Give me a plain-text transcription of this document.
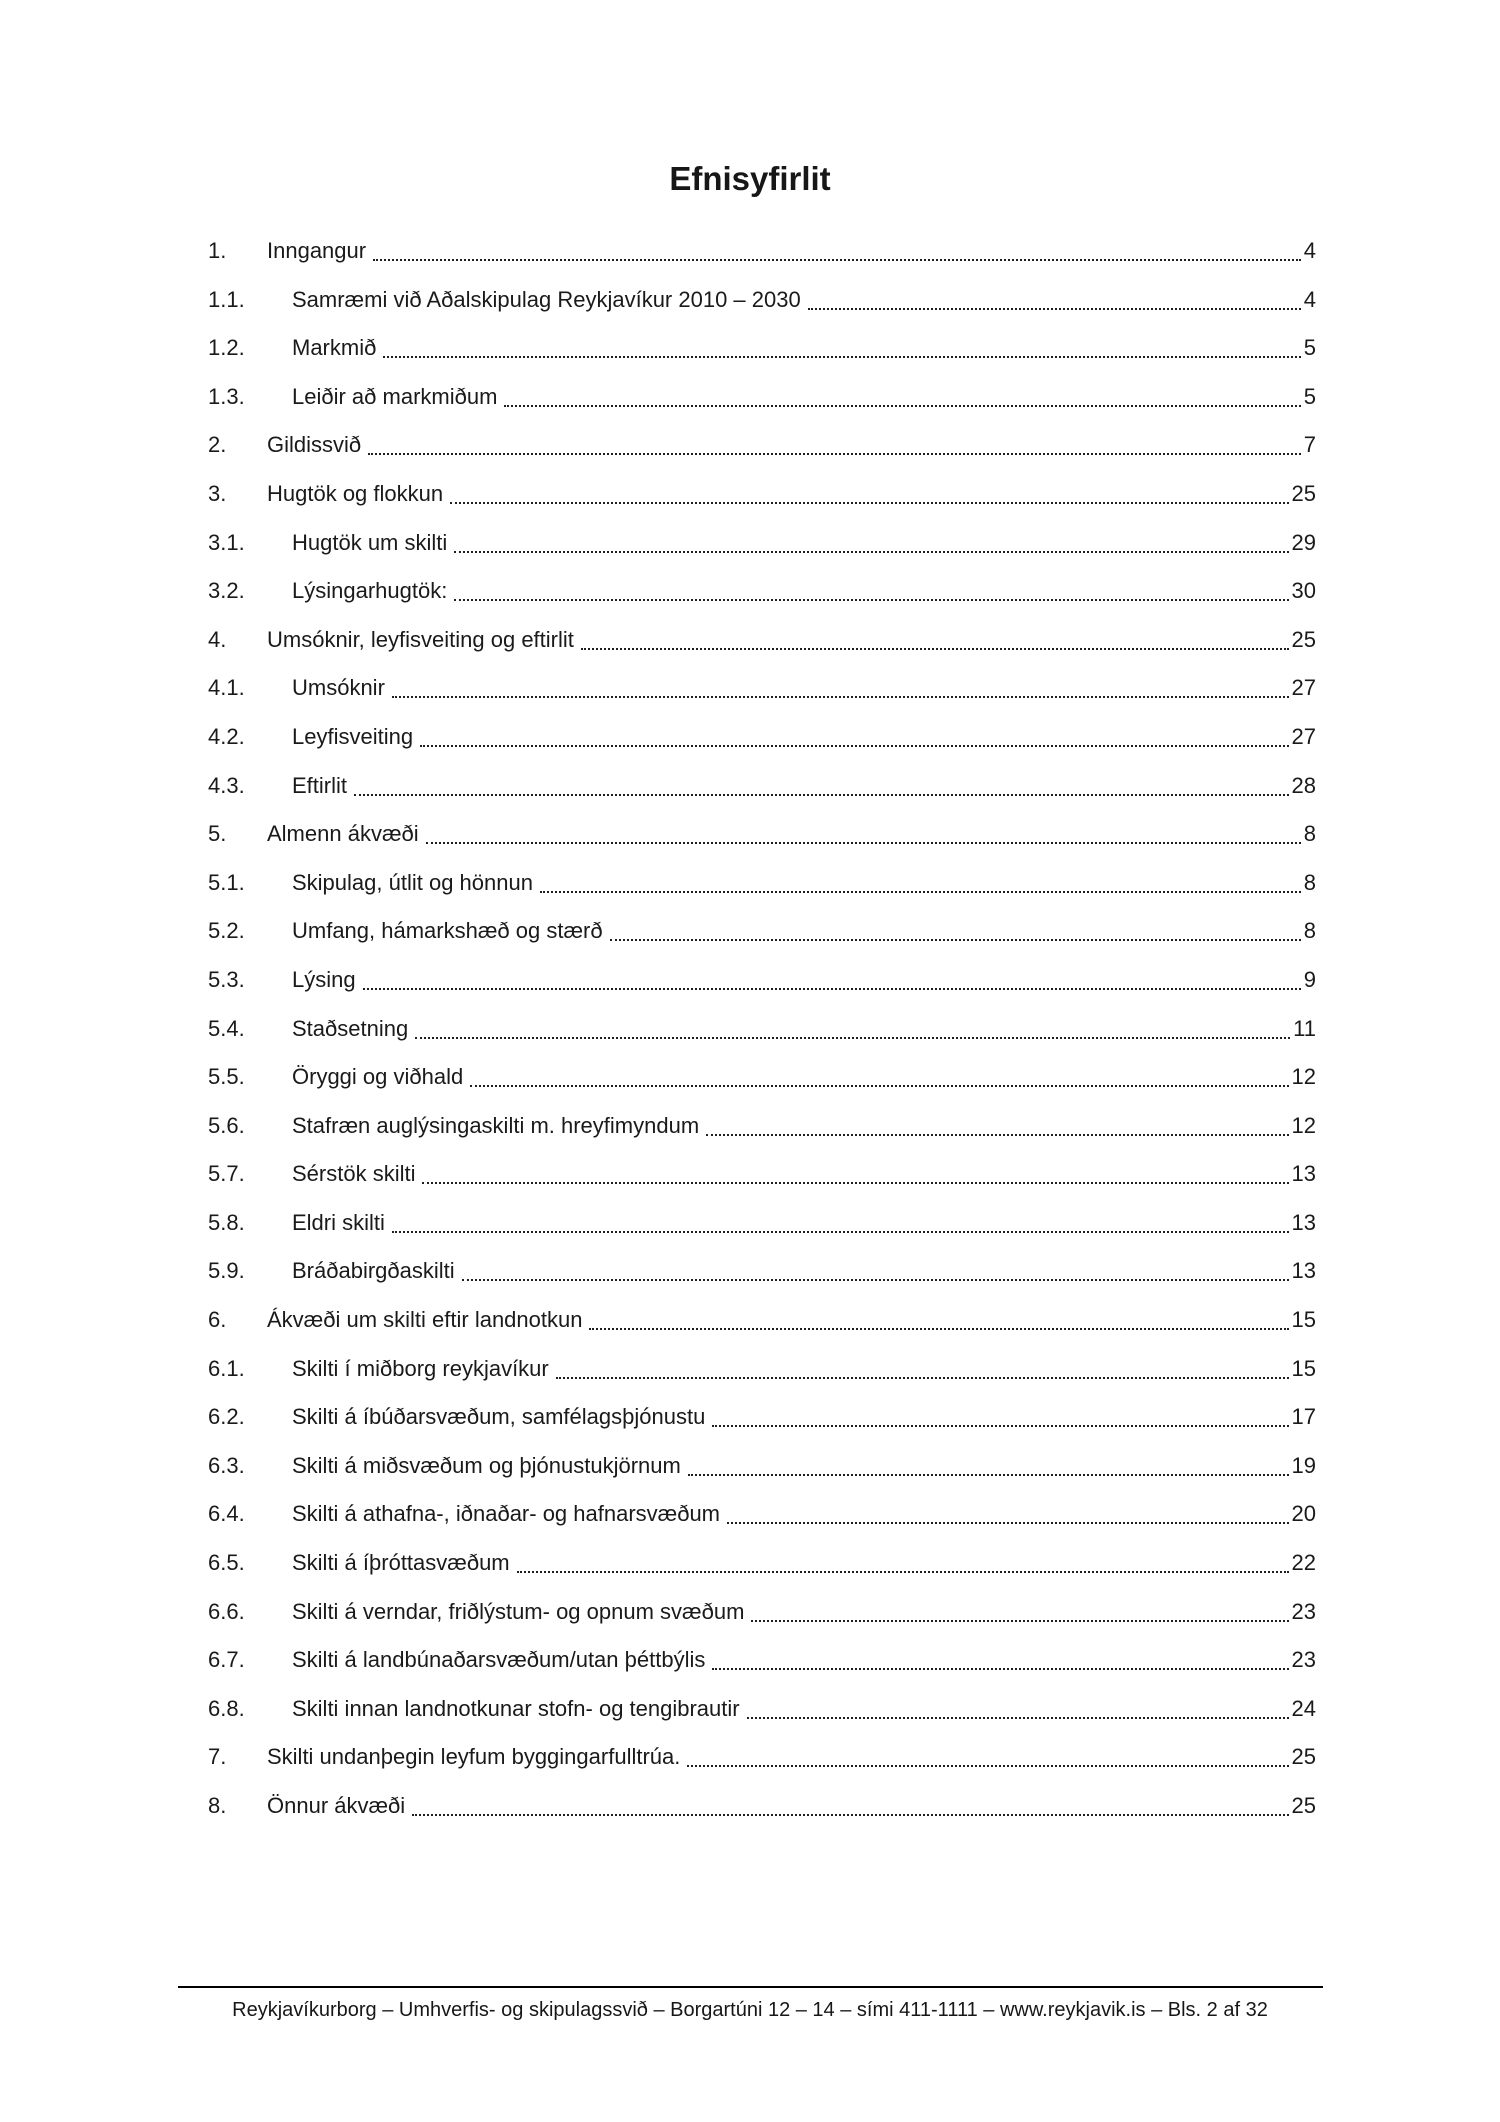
Efnisyfirlit
1.	Inngangur	4
1.1.	Samræmi við Aðalskipulag Reykjavíkur 2010 – 2030	4
1.2.	Markmið	5
1.3.	Leiðir að markmiðum	5
2.	Gildissvið	7
3.	Hugtök og flokkun	25
3.1.	Hugtök um skilti	29
3.2.	Lýsingarhugtök:	30
4.	Umsóknir, leyfisveiting og eftirlit	25
4.1.	Umsóknir	27
4.2.	Leyfisveiting	27
4.3.	Eftirlit	28
5.	Almenn ákvæði	8
5.1.	Skipulag, útlit og hönnun	8
5.2.	Umfang, hámarkshæð og stærð	8
5.3.	Lýsing	9
5.4.	Staðsetning	11
5.5.	Öryggi og viðhald	12
5.6.	Stafræn auglýsingaskilti m. hreyfimyndum	12
5.7.	Sérstök skilti	13
5.8.	Eldri skilti	13
5.9.	Bráðabirgðaskilti	13
6.	Ákvæði um skilti eftir landnotkun	15
6.1.	Skilti í miðborg reykjavíkur	15
6.2.	Skilti á íbúðarsvæðum, samfélagsþjónustu	17
6.3.	Skilti á miðsvæðum og þjónustukjörnum	19
6.4.	Skilti á athafna-, iðnaðar- og hafnarsvæðum	20
6.5.	Skilti á íþróttasvæðum	22
6.6.	Skilti á verndar, friðlýstum- og opnum svæðum	23
6.7.	Skilti á landbúnaðarsvæðum/utan þéttbýlis	23
6.8.	Skilti innan landnotkunar stofn- og tengibrautir	24
7.	Skilti undanþegin leyfum byggingarfulltrúa.	25
8.	Önnur ákvæði	25
Reykjavíkurborg – Umhverfis- og skipulagssvið – Borgartúni 12 – 14 – sími 411-1111 – www.reykjavik.is – Bls. 2 af 32
